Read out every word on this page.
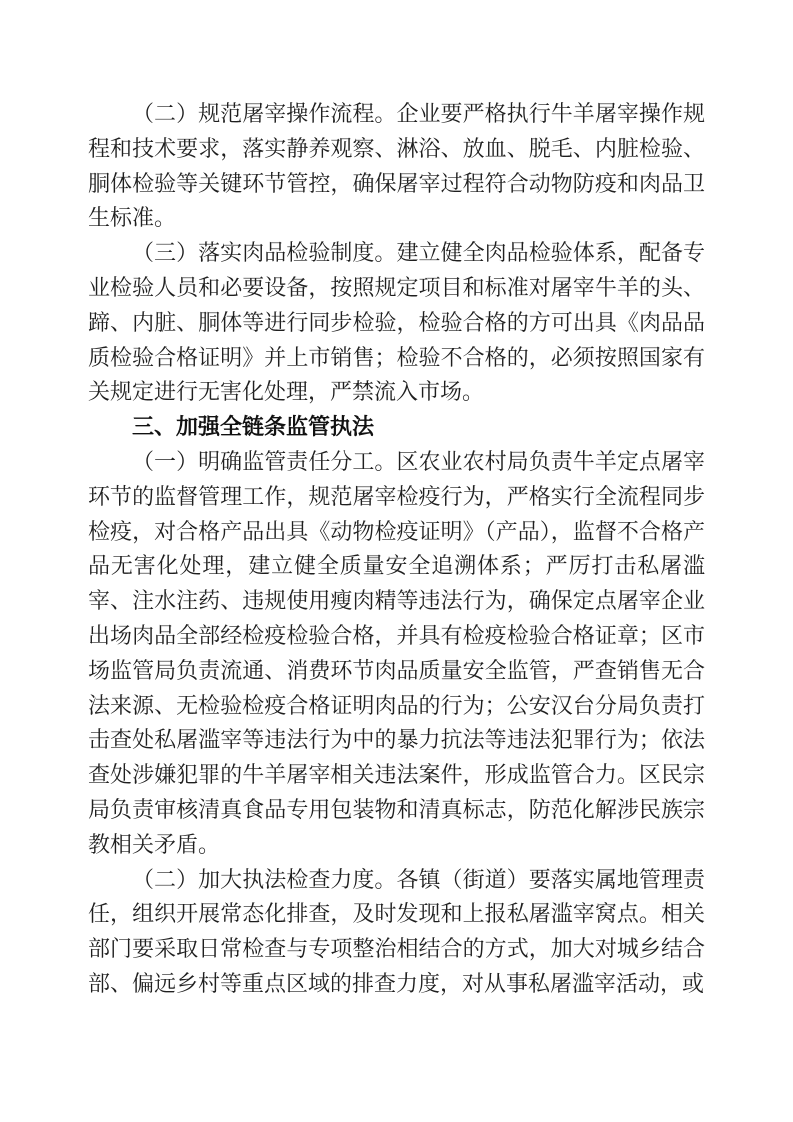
（二）规范屠宰操作流程。企业要严格执行牛羊屠宰操作规程和技术要求，落实静养观察、淋浴、放血、脱毛、内脏检验、胴体检验等关键环节管控，确保屠宰过程符合动物防疫和肉品卫生标准。

（三）落实肉品检验制度。建立健全肉品检验体系，配备专业检验人员和必要设备，按照规定项目和标准对屠宰牛羊的头、蹄、内脏、胴体等进行同步检验，检验合格的方可出具《肉品品质检验合格证明》并上市销售；检验不合格的，必须按照国家有关规定进行无害化处理，严禁流入市场。

三、加强全链条监管执法

（一）明确监管责任分工。区农业农村局负责牛羊定点屠宰环节的监督管理工作，规范屠宰检疫行为，严格实行全流程同步检疫，对合格产品出具《动物检疫证明》（产品），监督不合格产品无害化处理，建立健全质量安全追溯体系；严厉打击私屠滥宰、注水注药、违规使用瘦肉精等违法行为，确保定点屠宰企业出场肉品全部经检疫检验合格，并具有检疫检验合格证章；区市场监管局负责流通、消费环节肉品质量安全监管，严查销售无合法来源、无检验检疫合格证明肉品的行为；公安汉台分局负责打击查处私屠滥宰等违法行为中的暴力抗法等违法犯罪行为；依法查处涉嫌犯罪的牛羊屠宰相关违法案件，形成监管合力。区民宗局负责审核清真食品专用包装物和清真标志，防范化解涉民族宗教相关矛盾。

（二）加大执法检查力度。各镇（街道）要落实属地管理责任，组织开展常态化排查，及时发现和上报私屠滥宰窝点。相关部门要采取日常检查与专项整治相结合的方式，加大对城乡结合部、偏远乡村等重点区域的排查力度，对从事私屠滥宰活动，或
